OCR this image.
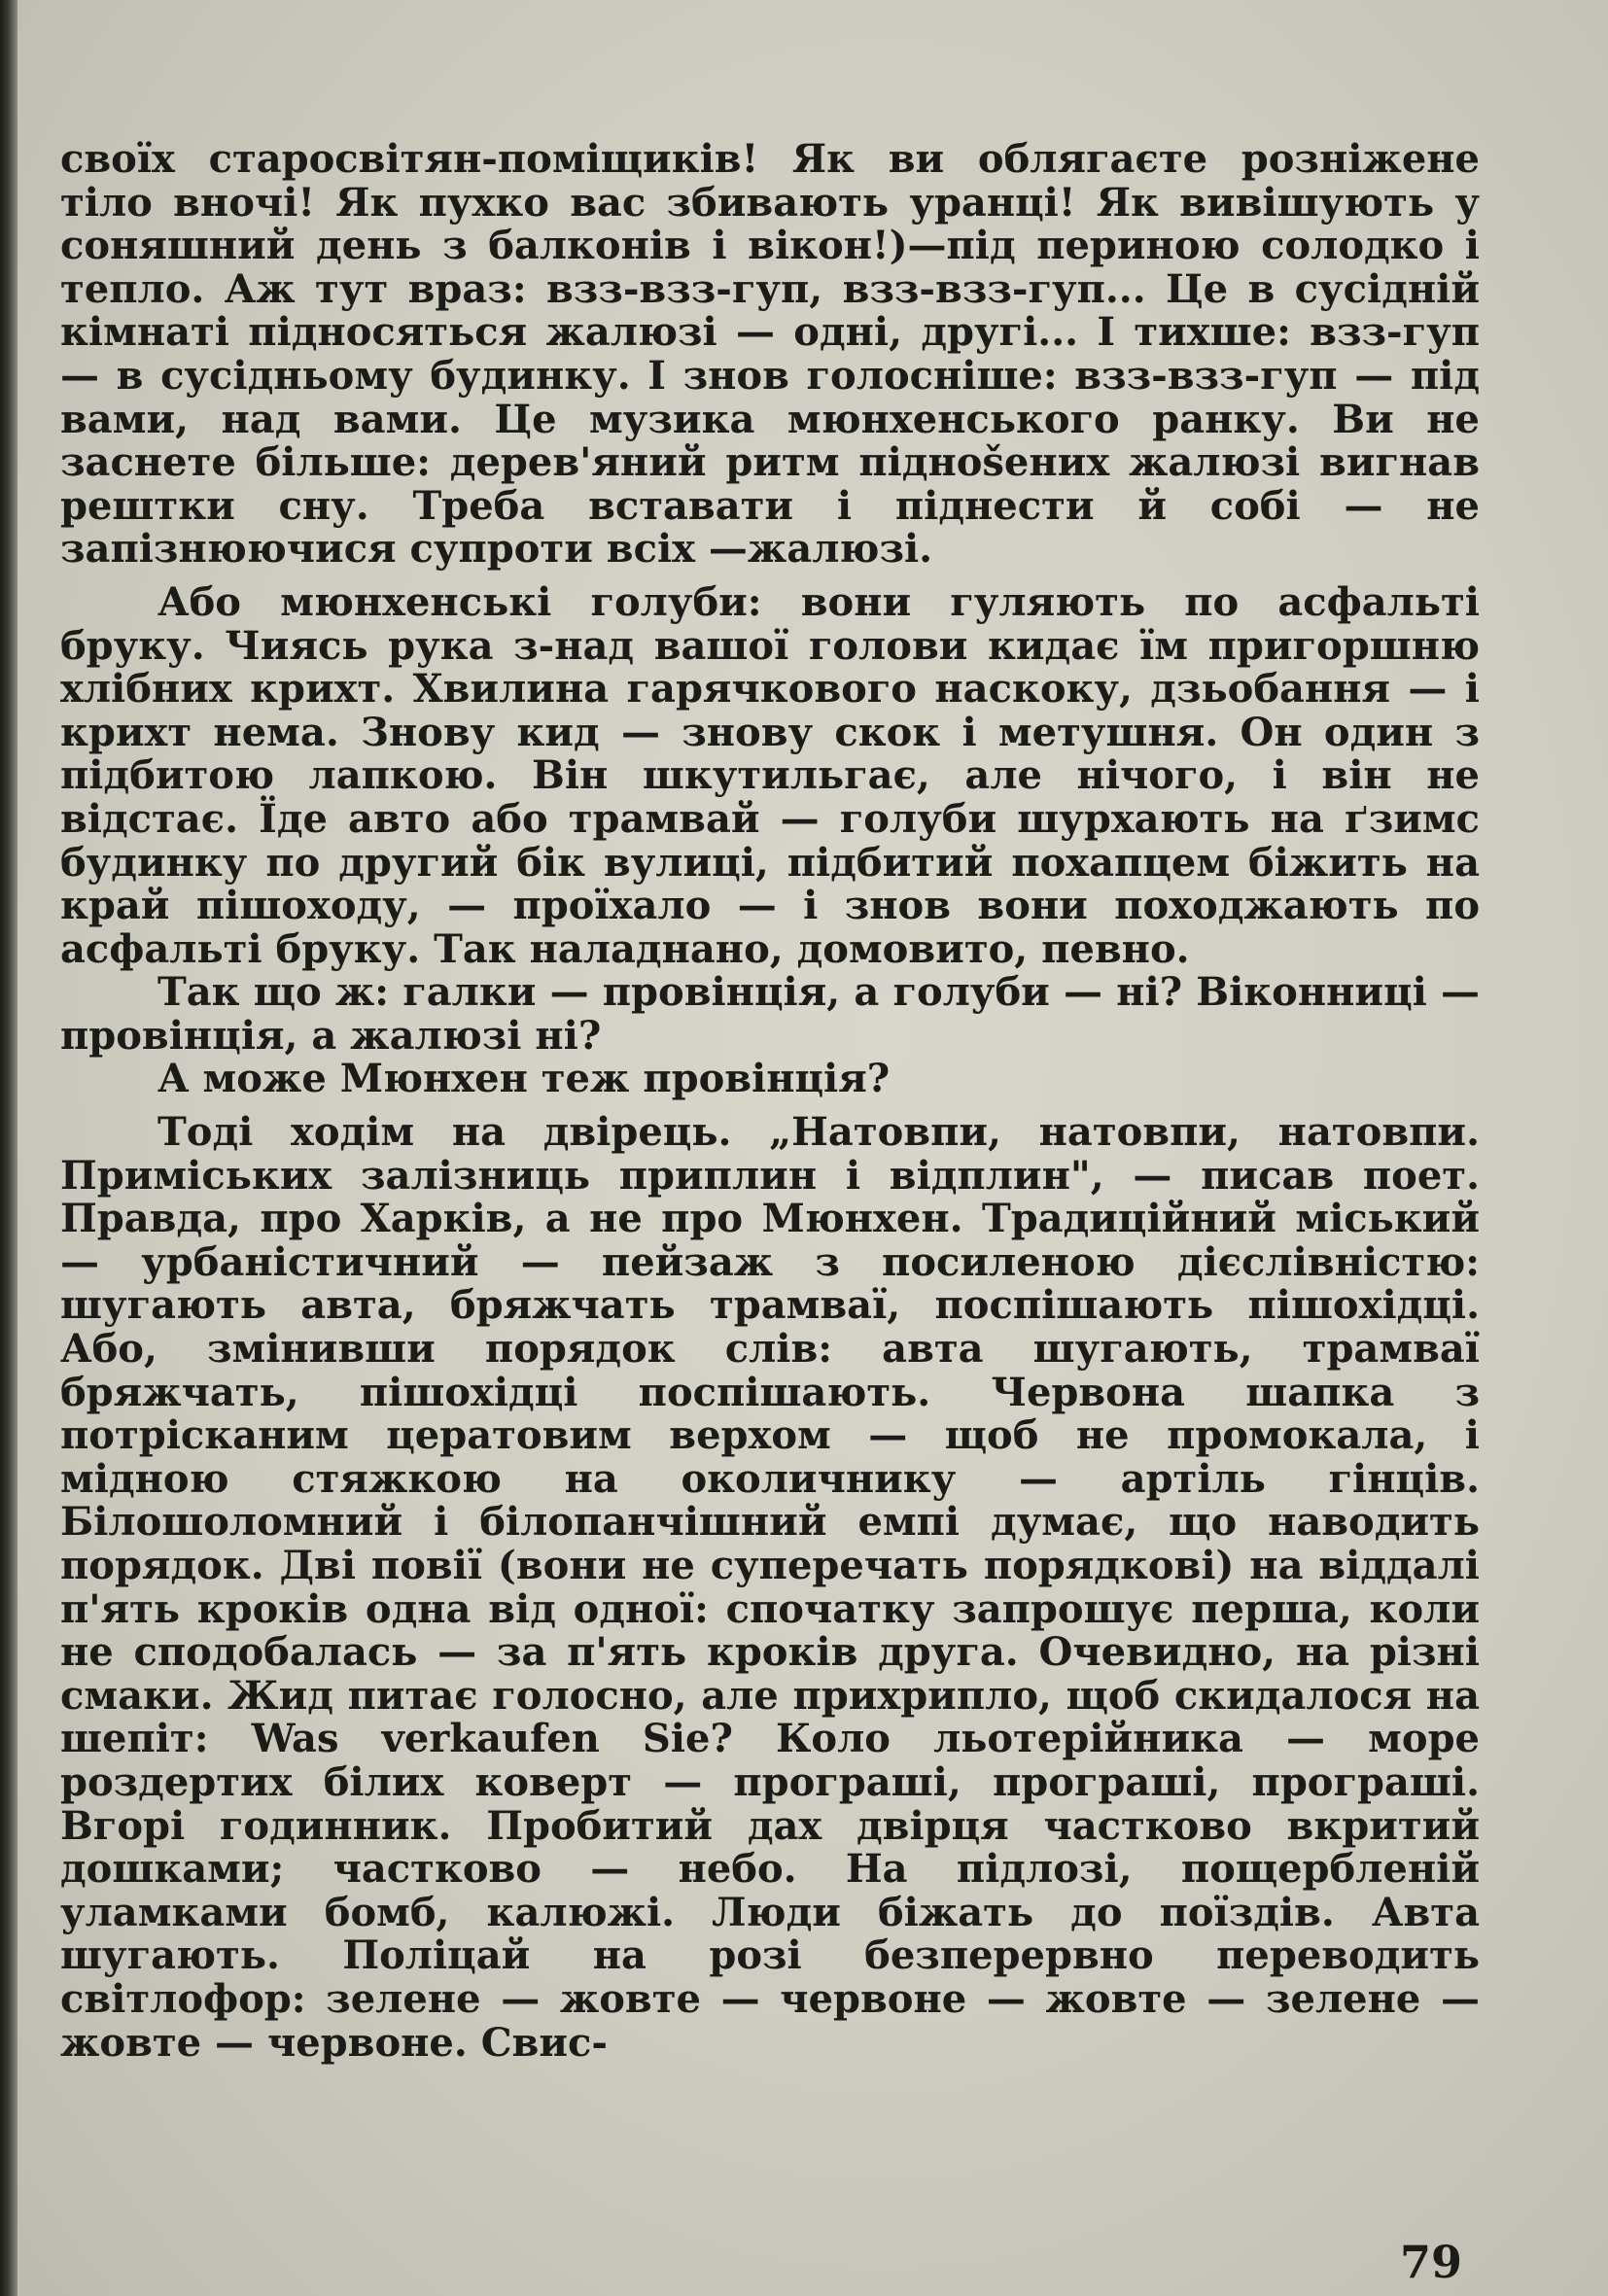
своїх старосвітян-поміщиків! Як ви облягаєте розніжене тіло вночі! Як пухко вас збивають уранці! Як вивішують у соняшний день з балконів і вікон!)—під периною солодко і тепло. Аж тут враз: взз-взз-гуп, взз-взз-гуп... Це в сусідній кімнаті підносяться жалюзі — одні, другі... І тихше: взз-гуп — в сусідньому будинку. І знов голосніше: взз-взз-гуп — під вами, над вами. Це музика мюнхенського ранку. Ви не заснете більше: дерев'яний ритм піднošених жалюзі вигнав рештки сну. Треба вставати і піднести й собі — не запізнюючися супроти всіх —жалюзі.

Або мюнхенські голуби: вони гуляють по асфальті бруку. Чиясь рука з-над вашої голови кидає їм пригоршню хлібних крихт. Хвилина гарячкового наскоку, дзьобання — і крихт нема. Знову кид — знову скок і метушня. Он один з підбитою лапкою. Він шкутильгає, але нічого, і він не відстає. Їде авто або трамвай — голуби шурхають на ґзимс будинку по другий бік вулиці, підбитий похапцем біжить на край пішоходу, — проїхало — і знов вони походжають по асфальті бруку. Так наладнано, домовито, певно.

Так що ж: галки — провінція, а голуби — ні? Віконниці — провінція, а жалюзі ні?

А може Мюнхен теж провінція?

Тоді ходім на двірець. „Натовпи, натовпи, натовпи. Приміських залізниць приплин і відплин", — писав поет. Правда, про Харків, а не про Мюнхен. Традиційний міський — урбаністичний — пейзаж з посиленою дієслівністю: шугають авта, бряжчать трамваї, поспішають пішохідці. Або, змінивши порядок слів: авта шугають, трамваї бряжчать, пішохідці поспішають. Червона шапка з потрісканим цератовим верхом — щоб не промокала, і мідною стяжкою на околичнику — артіль гінців. Білошоломний і білопанчішний емпі думає, що наводить порядок. Дві повії (вони не суперечать порядкові) на віддалі п'ять кроків одна від одної: спочатку запрошує перша, коли не сподобалась — за п'ять кроків друга. Очевидно, на різні смаки. Жид питає голосно, але прихрипло, щоб скидалося на шепіт: Was verkaufen Sie? Коло льотерійника — море роздертих білих коверт — програші, програші, програші. Вгорі годинник. Пробитий дах двірця частково вкритий дошками; частково — небо. На підлозі, пощербленій уламками бомб, калюжі. Люди біжать до поїздів. Авта шугають. Поліцай на розі безперервно переводить світлофор: зелене — жовте — червоне — жовте — зелене — жовте — червоне. Свис-

79
